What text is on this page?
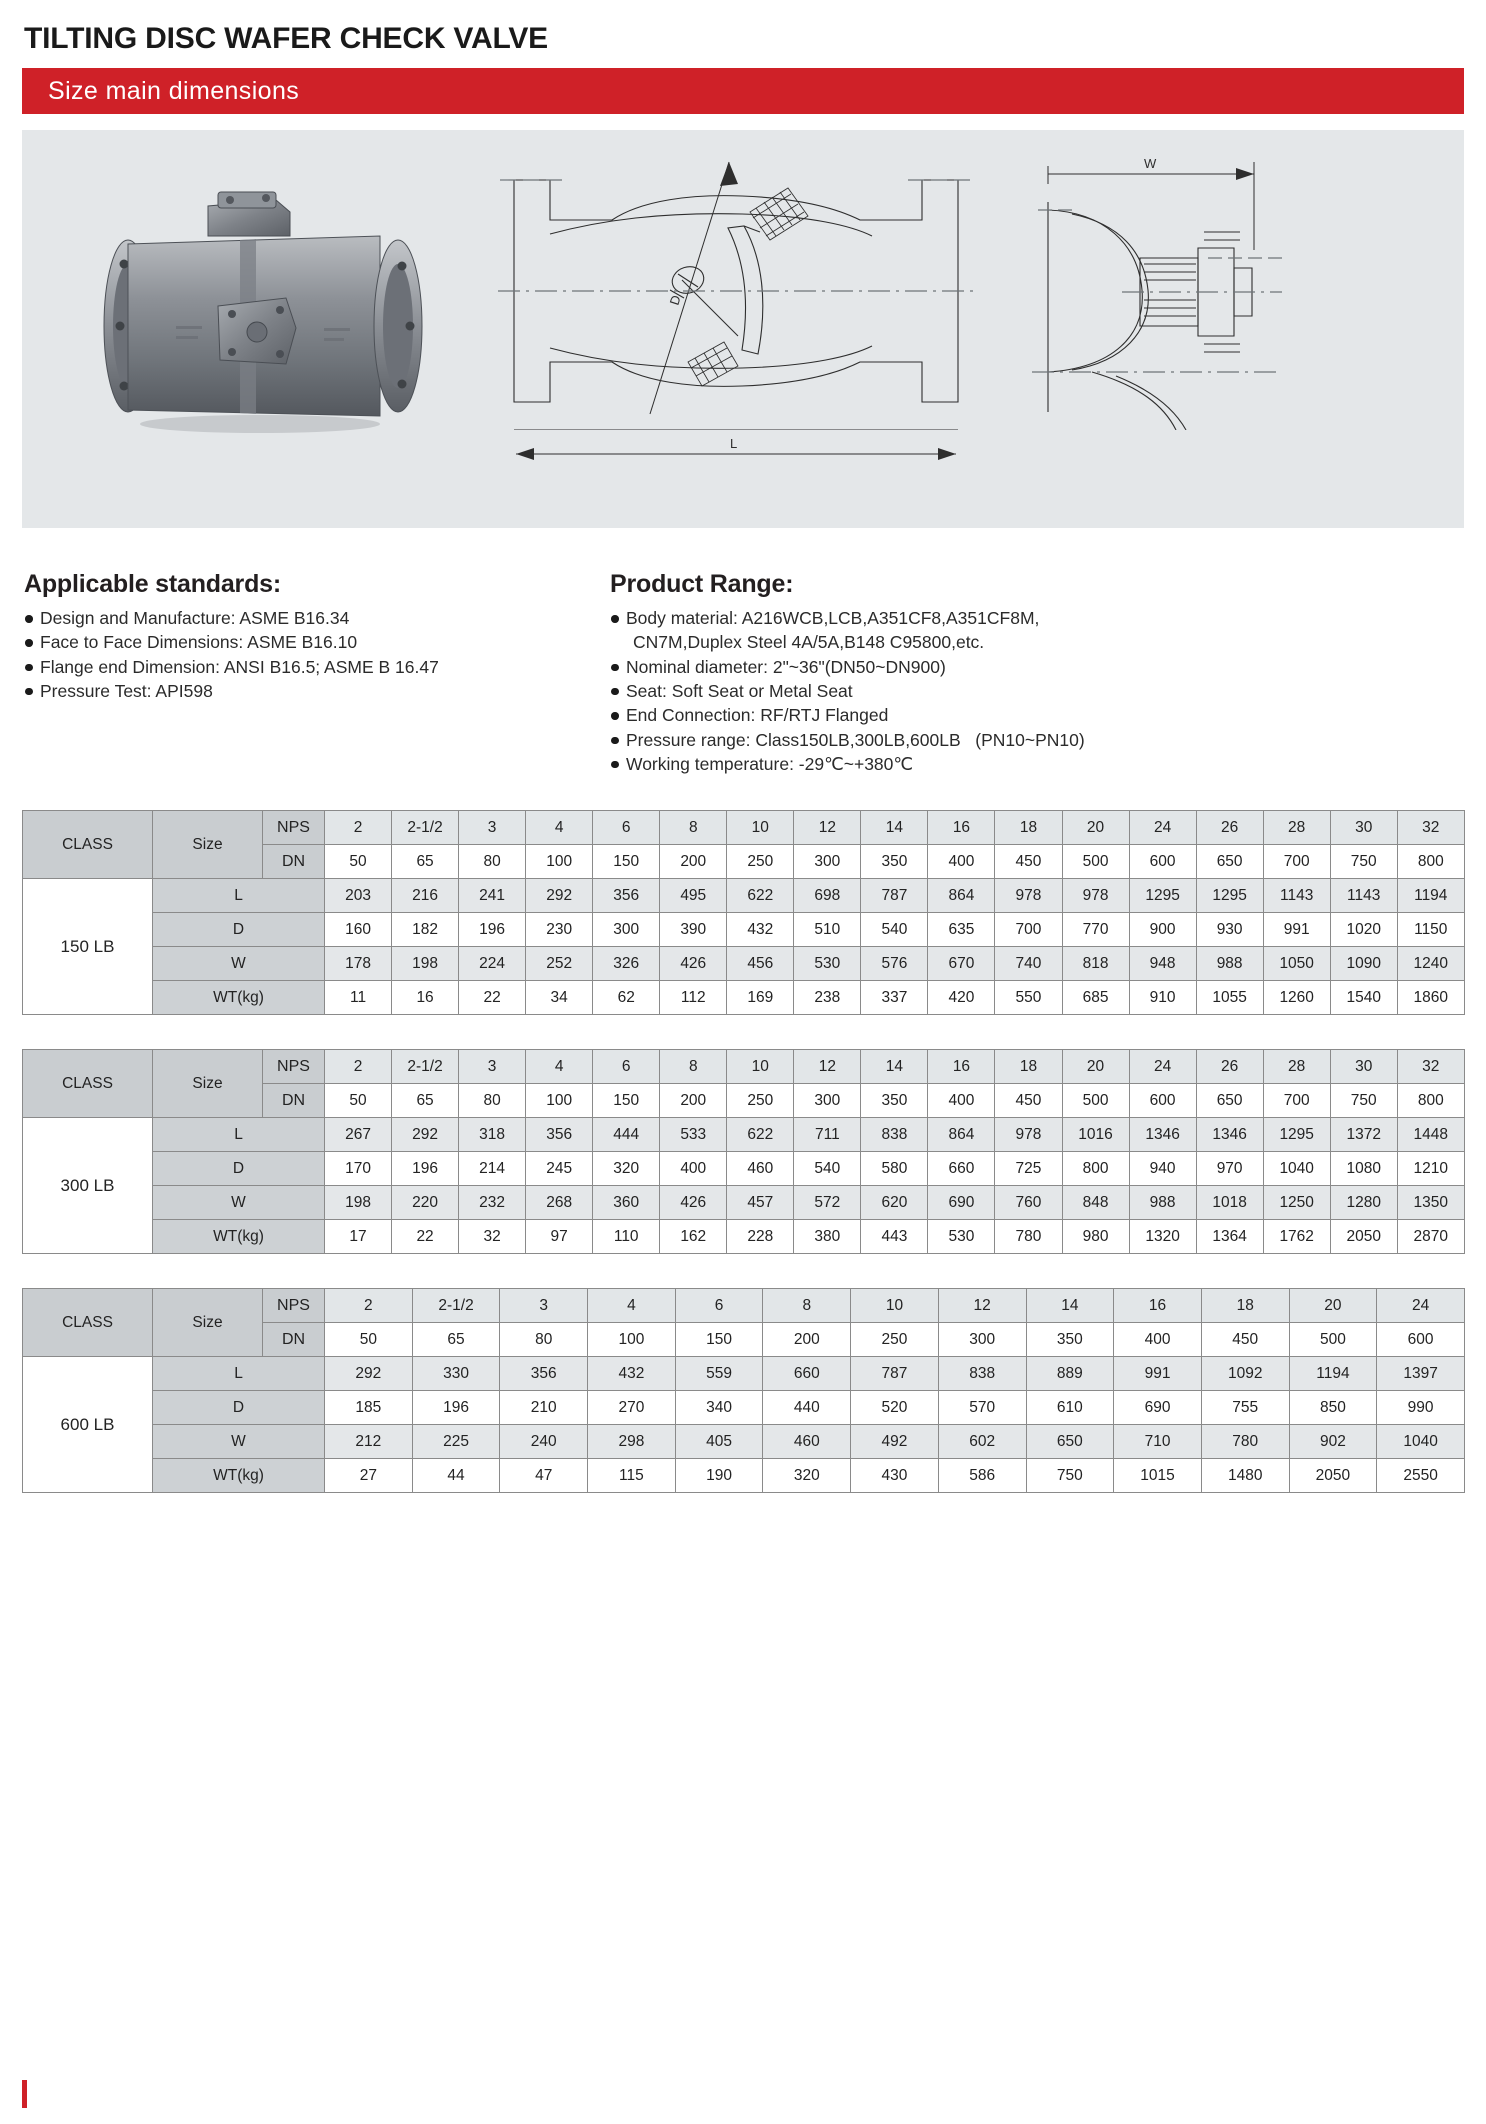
TILTING DISC WAFER CHECK VALVE
Size main dimensions
D
W
L
Applicable standards:
Design and Manufacture: ASME B16.34
Face to Face Dimensions: ASME B16.10
Flange end Dimension: ANSI B16.5; ASME B 16.47
Pressure Test: API598
Product Range:
Body material: A216WCB,LCB,A351CF8,A351CF8M,
CN7M,Duplex Steel 4A/5A,B148 C95800,etc.
Nominal diameter: 2"~36"(DN50~DN900)
Seat: Soft Seat or Metal Seat
End Connection: RF/RTJ Flanged
Pressure range: Class150LB,300LB,600LB   (PN10~PN10)
Working temperature: -29℃~+380℃
CLASS	Size	NPS	2	2-1/2	3	4	6	8	10	12	14	16	18	20	24	26	28	30	32
		DN	50	65	80	100	150	200	250	300	350	400	450	500	600	650	700	750	800
150 LB	L		203	216	241	292	356	495	622	698	787	864	978	978	1295	1295	1143	1143	1194
	D		160	182	196	230	300	390	432	510	540	635	700	770	900	930	991	1020	1150
	W		178	198	224	252	326	426	456	530	576	670	740	818	948	988	1050	1090	1240
	WT(kg)		11	16	22	34	62	112	169	238	337	420	550	685	910	1055	1260	1540	1860
CLASS	Size	NPS	2	2-1/2	3	4	6	8	10	12	14	16	18	20	24	26	28	30	32
		DN	50	65	80	100	150	200	250	300	350	400	450	500	600	650	700	750	800
300 LB	L		267	292	318	356	444	533	622	711	838	864	978	1016	1346	1346	1295	1372	1448
	D		170	196	214	245	320	400	460	540	580	660	725	800	940	970	1040	1080	1210
	W		198	220	232	268	360	426	457	572	620	690	760	848	988	1018	1250	1280	1350
	WT(kg)		17	22	32	97	110	162	228	380	443	530	780	980	1320	1364	1762	2050	2870
CLASS	Size	NPS	2	2-1/2	3	4	6	8	10	12	14	16	18	20	24
		DN	50	65	80	100	150	200	250	300	350	400	450	500	600
600 LB	L		292	330	356	432	559	660	787	838	889	991	1092	1194	1397
	D		185	196	210	270	340	440	520	570	610	690	755	850	990
	W		212	225	240	298	405	460	492	602	650	710	780	902	1040
	WT(kg)		27	44	47	115	190	320	430	586	750	1015	1480	2050	2550
